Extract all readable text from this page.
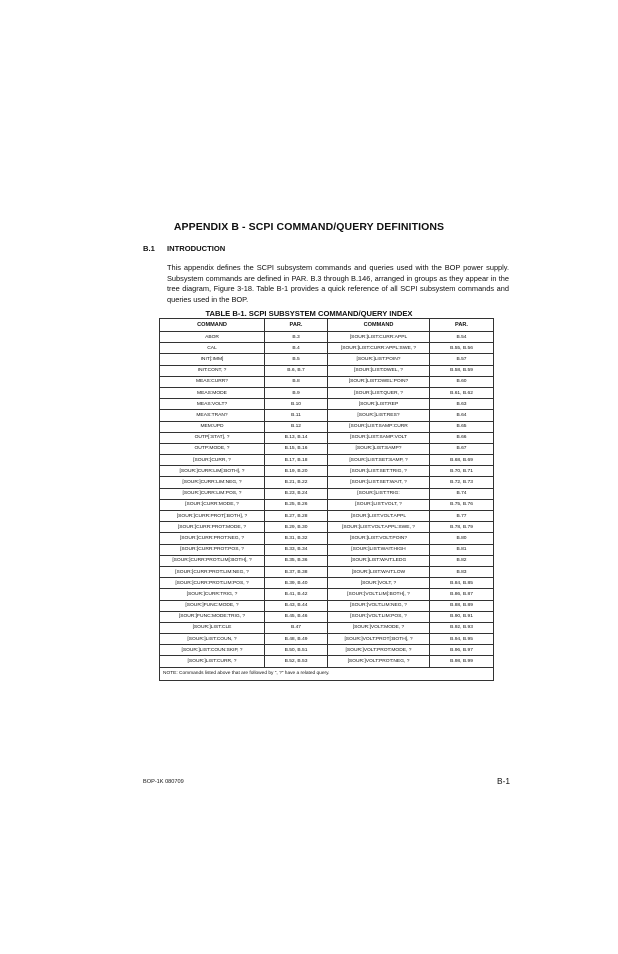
APPENDIX B - SCPI COMMAND/QUERY DEFINITIONS
B.1 INTRODUCTION
This appendix defines the SCPI subsystem commands and queries used with the BOP power supply. Subsystem commands are defined in PAR. B.3 through B.146, arranged in groups as they appear in the tree diagram, Figure 3-18. Table B-1 provides a quick reference of all SCPI subsystem commands and queries used in the BOP.
TABLE B-1. SCPI SUBSYSTEM COMMAND/QUERY INDEX
COMMAND	PAR.	COMMAND	PAR.
ABOR	B.3	[SOUR:]LIST:CURR:APPL	B.54
CAL	B.4	[SOUR:]LIST:CURR:APPL:SWE, ?	B.55, B.56
INIT[:IMM]	B.5	[SOUR:]LIST:POIN?	B.57
INIT:CONT, ?	B.6, B.7	[SOUR:]LIST:DWEL, ?	B.58, B.59
MEAS:CURR?	B.8	[SOUR:]LIST:DWEL:POIN?	B.60
MEAS:MODE	B.9	[SOUR:]LIST:QUER, ?	B.61, B.62
MEAS:VOLT?	B.10	[SOUR:]LIST:REP	B.63
MEAS:TRAN?	B.11	[SOUR:]LIST:RES?	B.64
MEM:UPD	B.12	[SOUR:]LIST:SAMP:CURR	B.65
OUTP[:STAT], ?	B.13, B.14	[SOUR:]LIST:SAMP:VOLT	B.66
OUTP:MODE, ?	B.15, B.16	[SOUR:]LIST:SAMP?	B.67
[SOUR:]CURR, ?	B.17, B.18	[SOUR:]LIST:SET:SAMP, ?	B.68, B.69
[SOUR:]CURR:LIM[:BOTH], ?	B.19, B.20	[SOUR:]LIST:SET:TRIG, ?	B.70, B.71
[SOUR:]CURR:LIM:NEG, ?	B.21, B.22	[SOUR:]LIST:SET:WAIT, ?	B.72, B.73
[SOUR:]CURR:LIM:POS, ?	B.23, B.24	[SOUR:]LIST:TRIG:	B.74
[SOUR:]CURR:MODE, ?	B.25, B.26	[SOUR:]LIST:VOLT, ?	B.75, B.76
[SOUR:]CURR:PROT[:BOTH], ?	B.27, B.28	[SOUR:]LIST:VOLT:APPL	B.77
[SOUR:]CURR:PROT:MODE, ?	B.29, B.30	[SOUR:]LIST:VOLT:APPL:SWE, ?	B.78, B.79
[SOUR:]CURR:PROT:NEG, ?	B.31, B.32	[SOUR:]LIST:VOLT:POIN?	B.80
[SOUR:]CURR:PROT:POS, ?	B.33, B.34	[SOUR:]LIST:WAIT:HIGH	B.81
[SOUR:]CURR:PROT:LIM[:BOTH], ?	B.35, B.36	[SOUR:]LIST:WAIT:LEDG	B.82
[SOUR:]CURR:PROT:LIM:NEG, ?	B.37, B.38	[SOUR:]LIST:WAIT:LOW	B.83
[SOUR:]CURR:PROT:LIM:POS, ?	B.39, B.40	[SOUR:]VOLT, ?	B.84, B.85
[SOUR:]CURR:TRIG, ?	B.41, B.42	[SOUR:]VOLT:LIM[:BOTH], ?	B.86, B.87
[SOUR:]FUNC:MODE, ?	B.43, B.44	[SOUR:]VOLT:LIM:NEG, ?	B.88, B.89
[SOUR:]FUNC:MODE:TRIG, ?	B.45, B.46	[SOUR:]VOLT:LIM:POS, ?	B.90, B.91
[SOUR:]LIST:CLE	B.47	[SOUR:]VOLT:MODE, ?	B.92, B.93
[SOUR:]LIST:COUN, ?	B.48, B.49	[SOUR:]VOLT:PROT[:BOTH], ?	B.94, B.95
[SOUR:]LIST:COUN:SKIP, ?	B.50, B.51	[SOUR:]VOLT:PROT:MODE, ?	B.96, B.97
[SOUR:]LIST:CURR, ?	B.52, B.53	[SOUR:]VOLT:PROT:NEG, ?	B.98, B.99
NOTE: Commands listed above that are followed by ", ?" have a related query.			
BOP-1K 080709	B-1
